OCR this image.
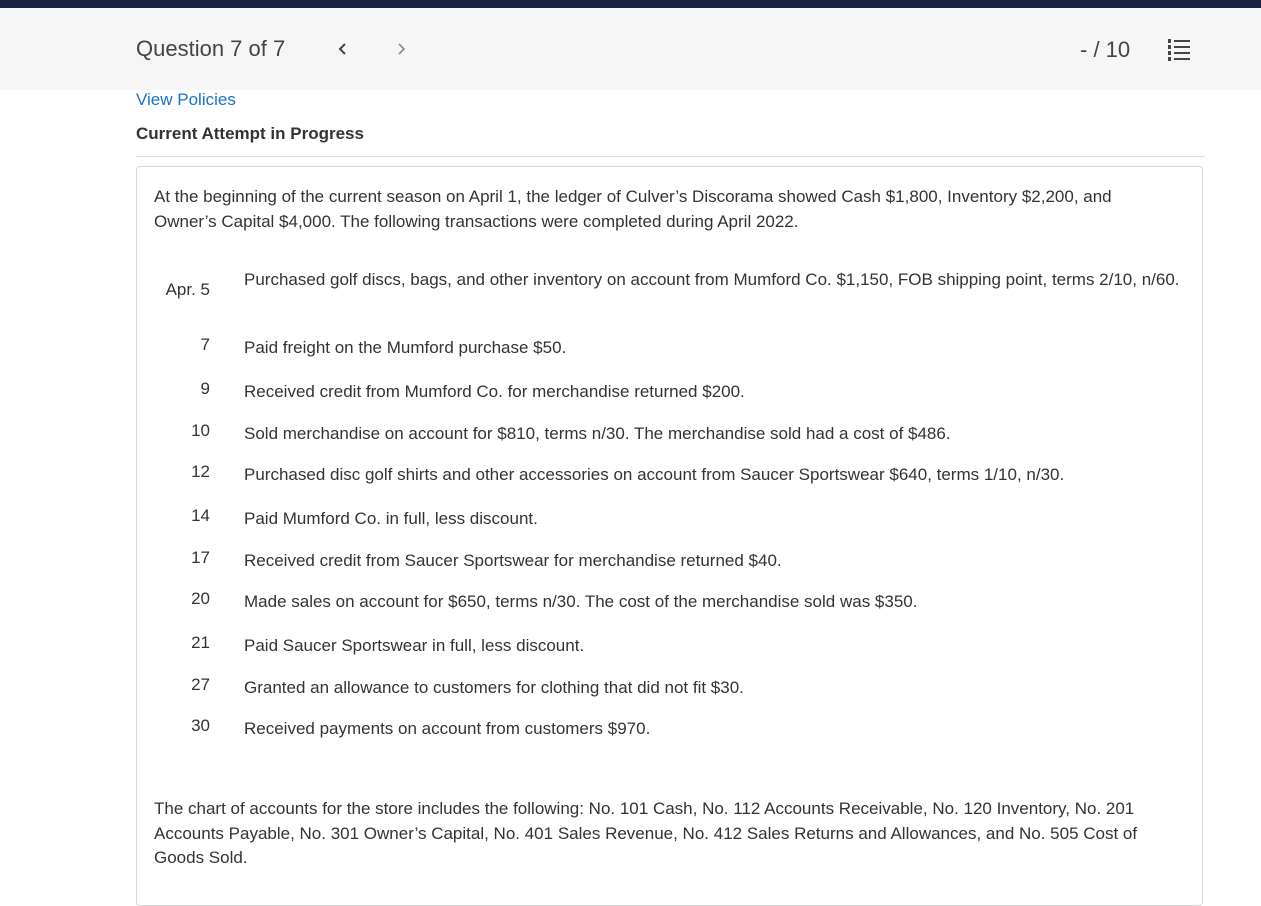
Question 7 of 7	- / 10
View Policies
Current Attempt in Progress
At the beginning of the current season on April 1, the ledger of Culver’s Discorama showed Cash $1,800, Inventory $2,200, and Owner’s Capital $4,000. The following transactions were completed during April 2022.
Apr. 5
Purchased golf discs, bags, and other inventory on account from Mumford Co. $1,150, FOB shipping point, terms 2/10, n/60.
7 Paid freight on the Mumford purchase $50.
9 Received credit from Mumford Co. for merchandise returned $200.
10 Sold merchandise on account for $810, terms n/30. The merchandise sold had a cost of $486.
12 Purchased disc golf shirts and other accessories on account from Saucer Sportswear $640, terms 1/10, n/30.
14 Paid Mumford Co. in full, less discount.
17 Received credit from Saucer Sportswear for merchandise returned $40.
20 Made sales on account for $650, terms n/30. The cost of the merchandise sold was $350.
21 Paid Saucer Sportswear in full, less discount.
27 Granted an allowance to customers for clothing that did not fit $30.
30 Received payments on account from customers $970.
The chart of accounts for the store includes the following: No. 101 Cash, No. 112 Accounts Receivable, No. 120 Inventory, No. 201 Accounts Payable, No. 301 Owner’s Capital, No. 401 Sales Revenue, No. 412 Sales Returns and Allowances, and No. 505 Cost of Goods Sold.
